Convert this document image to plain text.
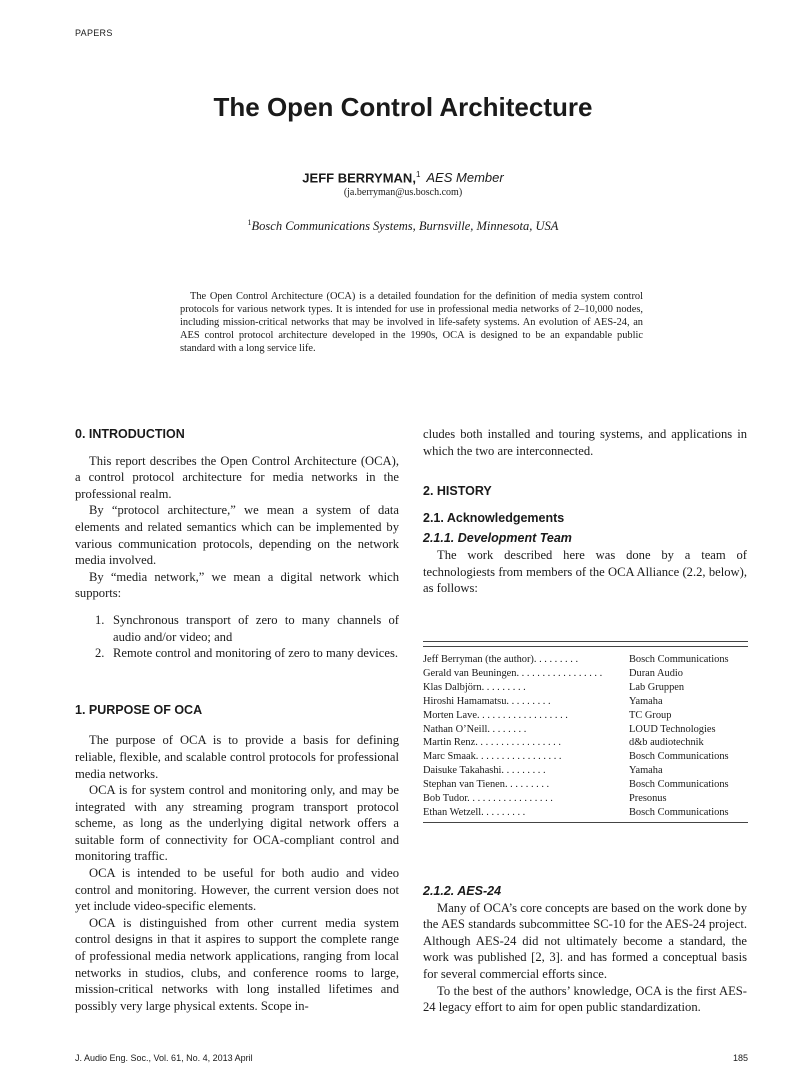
PAPERS
The Open Control Architecture
JEFF BERRYMAN,$^1$ AES Member
(ja.berryman@us.bosch.com)
$^1$Bosch Communications Systems, Burnsville, Minnesota, USA
The Open Control Architecture (OCA) is a detailed foundation for the definition of media system control protocols for various network types. It is intended for use in professional media networks of 2–10,000 nodes, including mission-critical networks that may be involved in life-safety systems. An evolution of AES-24, an AES control protocol architecture developed in the 1990s, OCA is designed to be an expandable public standard with a long service life.
0. INTRODUCTION

This report describes the Open Control Architecture (OCA), a control protocol architecture for media networks in the professional realm.

By “protocol architecture,” we mean a system of data elements and related semantics which can be implemented by various communication protocols, depending on the network media involved.

By “media network,” we mean a digital network which supports:

1. Synchronous transport of zero to many channels of audio and/or video; and
2. Remote control and monitoring of zero to many devices.
1. PURPOSE OF OCA

The purpose of OCA is to provide a basis for defining reliable, flexible, and scalable control protocols for professional media networks.

OCA is for system control and monitoring only, and may be integrated with any streaming program transport protocol scheme, as long as the underlying digital network offers a suitable form of connectivity for OCA-compliant control and monitoring traffic.

OCA is intended to be useful for both audio and video control and monitoring. However, the current version does not yet include video-specific elements.

OCA is distinguished from other current media system control designs in that it aspires to support the complete range of professional media network applications, ranging from local networks in studios, clubs, and conference rooms to large, mission-critical networks with long installed lifetimes and possibly very large physical extents. Scope in-

cludes both installed and touring systems, and applications in which the two are interconnected.

2. HISTORY
2.1. Acknowledgements
2.1.1. Development Team

The work described here was done by a team of technologiests from members of the OCA Alliance (2.2, below), as follows:

Jeff Berryman (the author). . . . . . . . .	Bosch Communications
Gerald van Beuningen. . . . . . . . . . . . . . . . .	Duran Audio
Klas Dalbjörn. . . . . . . . .	Lab Gruppen
Hiroshi Hamamatsu. . . . . . . . .	Yamaha
Morten Lave. . . . . . . . . . . . . . . . . .	TC Group
Nathan O’Neill. . . . . . . .	LOUD Technologies
Martin Renz. . . . . . . . . . . . . . . . .	d&b audiotechnik
Marc Smaak. . . . . . . . . . . . . . . . .	Bosch Communications
Daisuke Takahashi. . . . . . . . .	Yamaha
Stephan van Tienen. . . . . . . . .	Bosch Communications
Bob Tudor. . . . . . . . . . . . . . . . .	Presonus
Ethan Wetzell. . . . . . . . .	Bosch Communications
2.1.2. AES-24

Many of OCA’s core concepts are based on the work done by the AES standards subcommittee SC-10 for the AES-24 project. Although AES-24 did not ultimately become a standard, the work was published [2, 3]. and has formed a conceptual basis for several commercial efforts since.

To the best of the authors’ knowledge, OCA is the first AES-24 legacy effort to aim for open public standardization.

J. Audio Eng. Soc., Vol. 61, No. 4, 2013 April	185
